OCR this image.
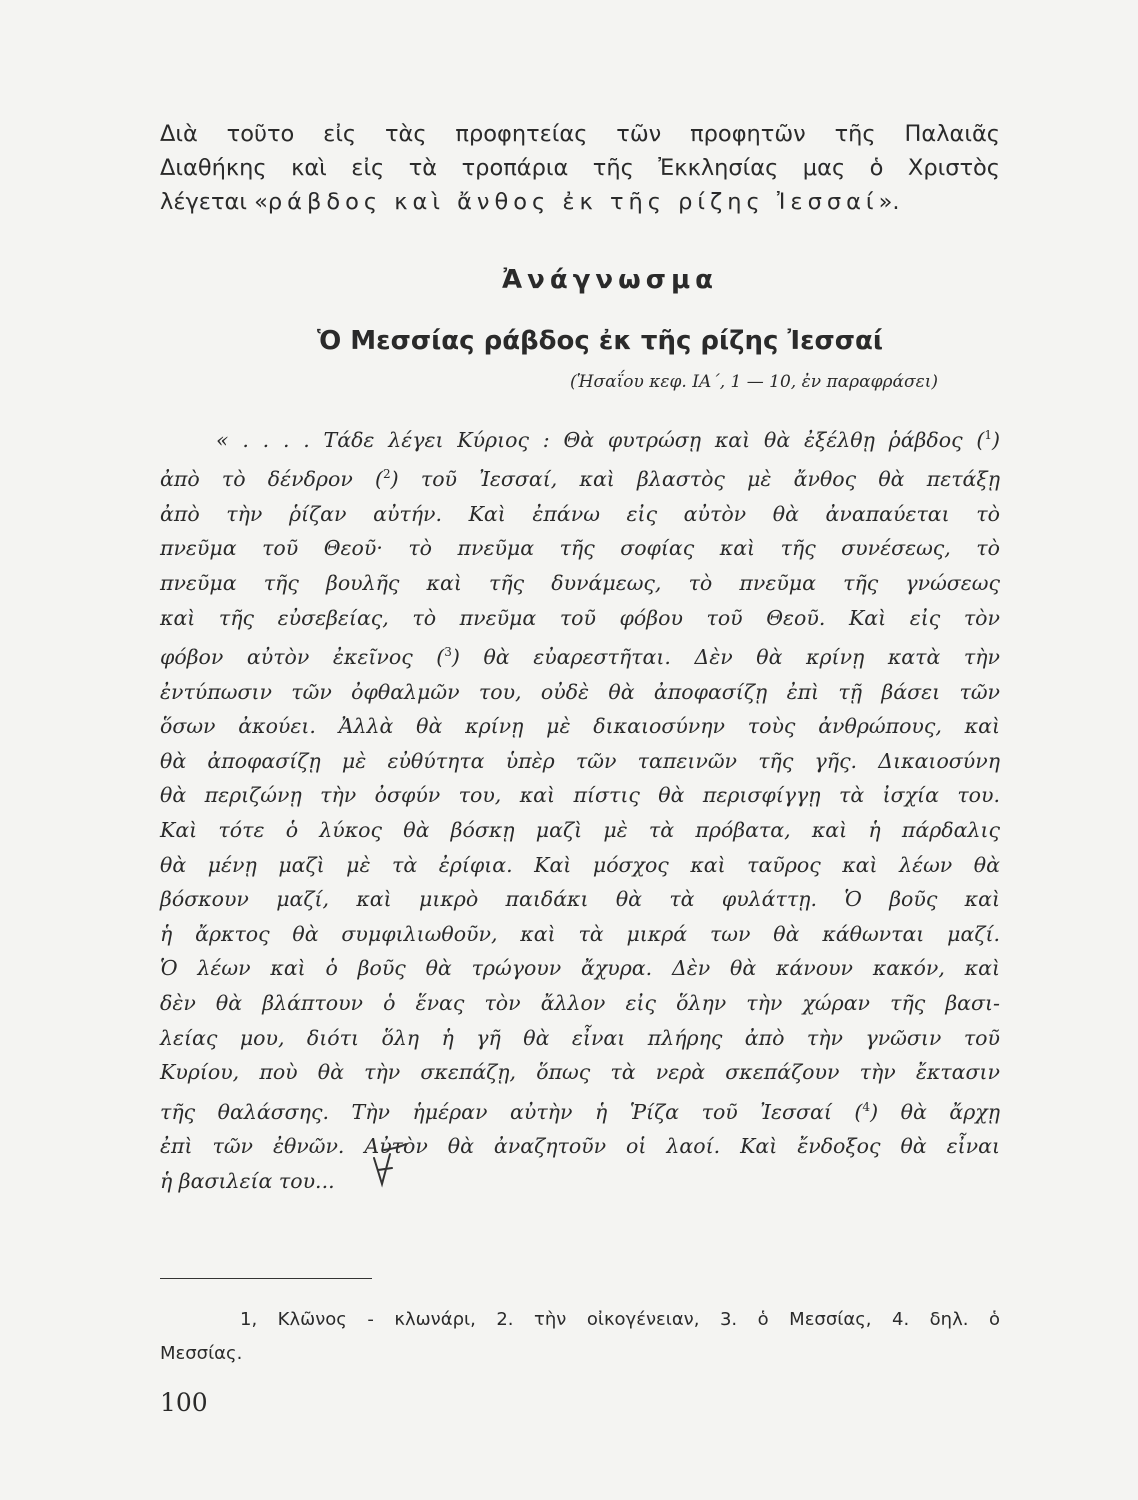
Διὰ τοῦτο εἰς τὰς προφητείας τῶν προφητῶν τῆς Παλαιᾶς
Διαθήκης καὶ εἰς τὰ τροπάρια τῆς Ἐκκλησίας μας ὁ Χριστὸς
λέγεται «ράβδος καὶ ἄνθος ἐκ τῆς ρίζης Ἰεσσαί».
Ἀνάγνωσμα
Ὁ Μεσσίας ράβδος ἐκ τῆς ρίζης Ἰεσσαί
(Ἡσαΐου κεφ. ΙΑ΄, 1 — 10, ἐν παραφράσει)
« . . . . Τάδε λέγει Κύριος : Θὰ φυτρώσῃ καὶ θὰ ἐξέλθῃ ῥάβδος ($^1$)
ἀπὸ τὸ δένδρον ($^2$) τοῦ Ἰεσσαί, καὶ βλαστὸς μὲ ἄνθος θὰ πετάξῃ
ἀπὸ τὴν ῥίζαν αὐτήν. Καὶ ἐπάνω εἰς αὐτὸν θὰ ἀναπαύεται τὸ
πνεῦμα τοῦ Θεοῦ· τὸ πνεῦμα τῆς σοφίας καὶ τῆς συνέσεως, τὸ
πνεῦμα τῆς βουλῆς καὶ τῆς δυνάμεως, τὸ πνεῦμα τῆς γνώσεως
καὶ τῆς εὐσεβείας, τὸ πνεῦμα τοῦ φόβου τοῦ Θεοῦ. Καὶ εἰς τὸν
φόβον αὐτὸν ἐκεῖνος ($^3$) θὰ εὐαρεστῆται. Δὲν θὰ κρίνῃ κατὰ τὴν
ἐντύπωσιν τῶν ὀφθαλμῶν του, οὐδὲ θὰ ἀποφασίζῃ ἐπὶ τῇ βάσει τῶν
ὅσων ἀκούει. Ἀλλὰ θὰ κρίνῃ μὲ δικαιοσύνην τοὺς ἀνθρώπους, καὶ
θὰ ἀποφασίζῃ μὲ εὐθύτητα ὑπὲρ τῶν ταπεινῶν τῆς γῆς. Δικαιοσύνη
θὰ περιζώνῃ τὴν ὀσφύν του, καὶ πίστις θὰ περισφίγγῃ τὰ ἰσχία του.
Καὶ τότε ὁ λύκος θὰ βόσκῃ μαζὶ μὲ τὰ πρόβατα, καὶ ἡ πάρδαλις
θὰ μένῃ μαζὶ μὲ τὰ ἐρίφια. Καὶ μόσχος καὶ ταῦρος καὶ λέων θὰ
βόσκουν μαζί, καὶ μικρὸ παιδάκι θὰ τὰ φυλάττῃ. Ὁ βοῦς καὶ
ἡ ἄρκτος θὰ συμφιλιωθοῦν, καὶ τὰ μικρά των θὰ κάθωνται μαζί.
Ὁ λέων καὶ ὁ βοῦς θὰ τρώγουν ἄχυρα. Δὲν θὰ κάνουν κακόν, καὶ
δὲν θὰ βλάπτουν ὁ ἕνας τὸν ἄλλον εἰς ὅλην τὴν χώραν τῆς βασι-
λείας μου, διότι ὅλη ἡ γῆ θὰ εἶναι πλήρης ἀπὸ τὴν γνῶσιν τοῦ
Κυρίου, ποὺ θὰ τὴν σκεπάζῃ, ὅπως τὰ νερὰ σκεπάζουν τὴν ἔκτασιν
τῆς θαλάσσης. Τὴν ἡμέραν αὐτὴν ἡ Ῥίζα τοῦ Ἰεσσαί ($^4$) θὰ ἄρχῃ
ἐπὶ τῶν ἐθνῶν. Αὐτὸν θὰ ἀναζητοῦν οἱ λαοί. Καὶ ἔνδοξος θὰ εἶναι
ἡ βασιλεία του...
1, Κλῶνος - κλωνάρι, 2. τὴν οἰκογένειαν, 3. ὁ Μεσσίας, 4. δηλ. ὁ
Μεσσίας.
100
